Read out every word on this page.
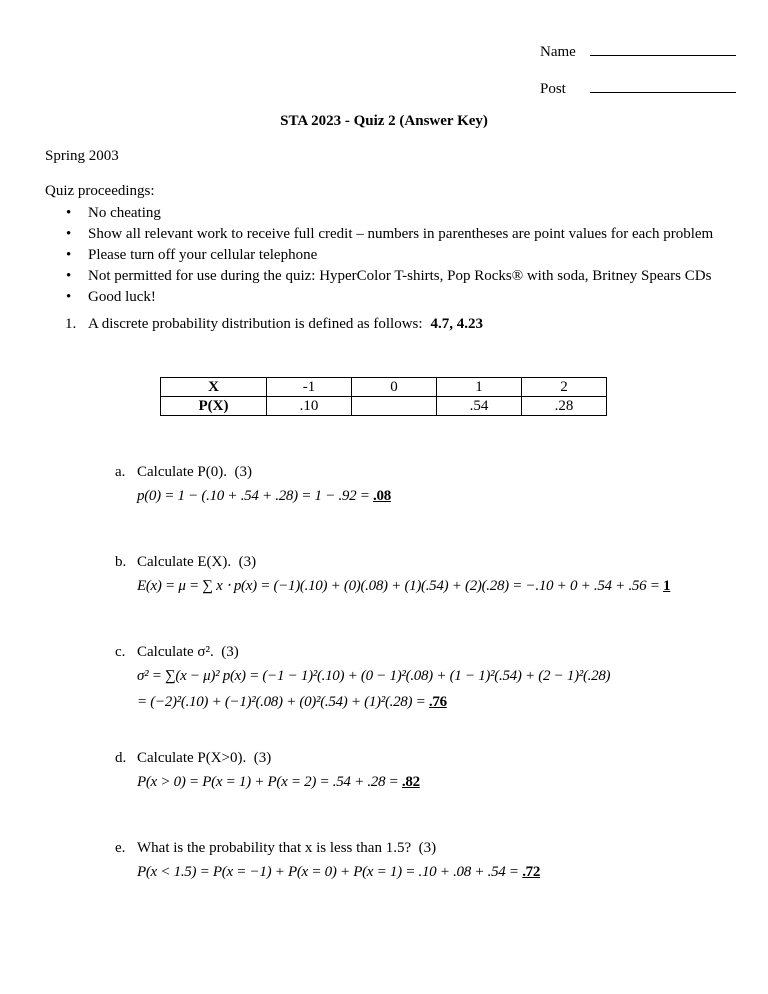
Name
Post
STA 2023 - Quiz 2 (Answer Key)
Spring 2003
Quiz proceedings:
•	No cheating
•	Show all relevant work to receive full credit – numbers in parentheses are point values for each problem
•	Please turn off your cellular telephone
•	Not permitted for use during the quiz: HyperColor T-shirts, Pop Rocks® with soda, Britney Spears CDs
•	Good luck!
1. A discrete probability distribution is defined as follows: 4.7, 4.23
X	-1	0	1	2
P(X)	.10		.54	.28
a. Calculate P(0).  (3)
p(0) = 1 − (.10 + .54 + .28) = 1 − .92 = .08
b. Calculate E(X).  (3)
E(x) = μ = ∑ x ⋅ p(x) = (−1)(.10) + (0)(.08) + (1)(.54) + (2)(.28) = −.10 + 0 + .54 + .56 = 1
c. Calculate σ².  (3)
σ² = ∑(x − μ)² p(x) = (−1 − 1)²(.10) + (0 − 1)²(.08) + (1 − 1)²(.54) + (2 − 1)²(.28)
= (−2)²(.10) + (−1)²(.08) + (0)²(.54) + (1)²(.28) = .76
d. Calculate P(X>0).  (3)
P(x > 0) = P(x = 1) + P(x = 2) = .54 + .28 = .82
e. What is the probability that x is less than 1.5?  (3)
P(x < 1.5) = P(x = −1) + P(x = 0) + P(x = 1) = .10 + .08 + .54 = .72
